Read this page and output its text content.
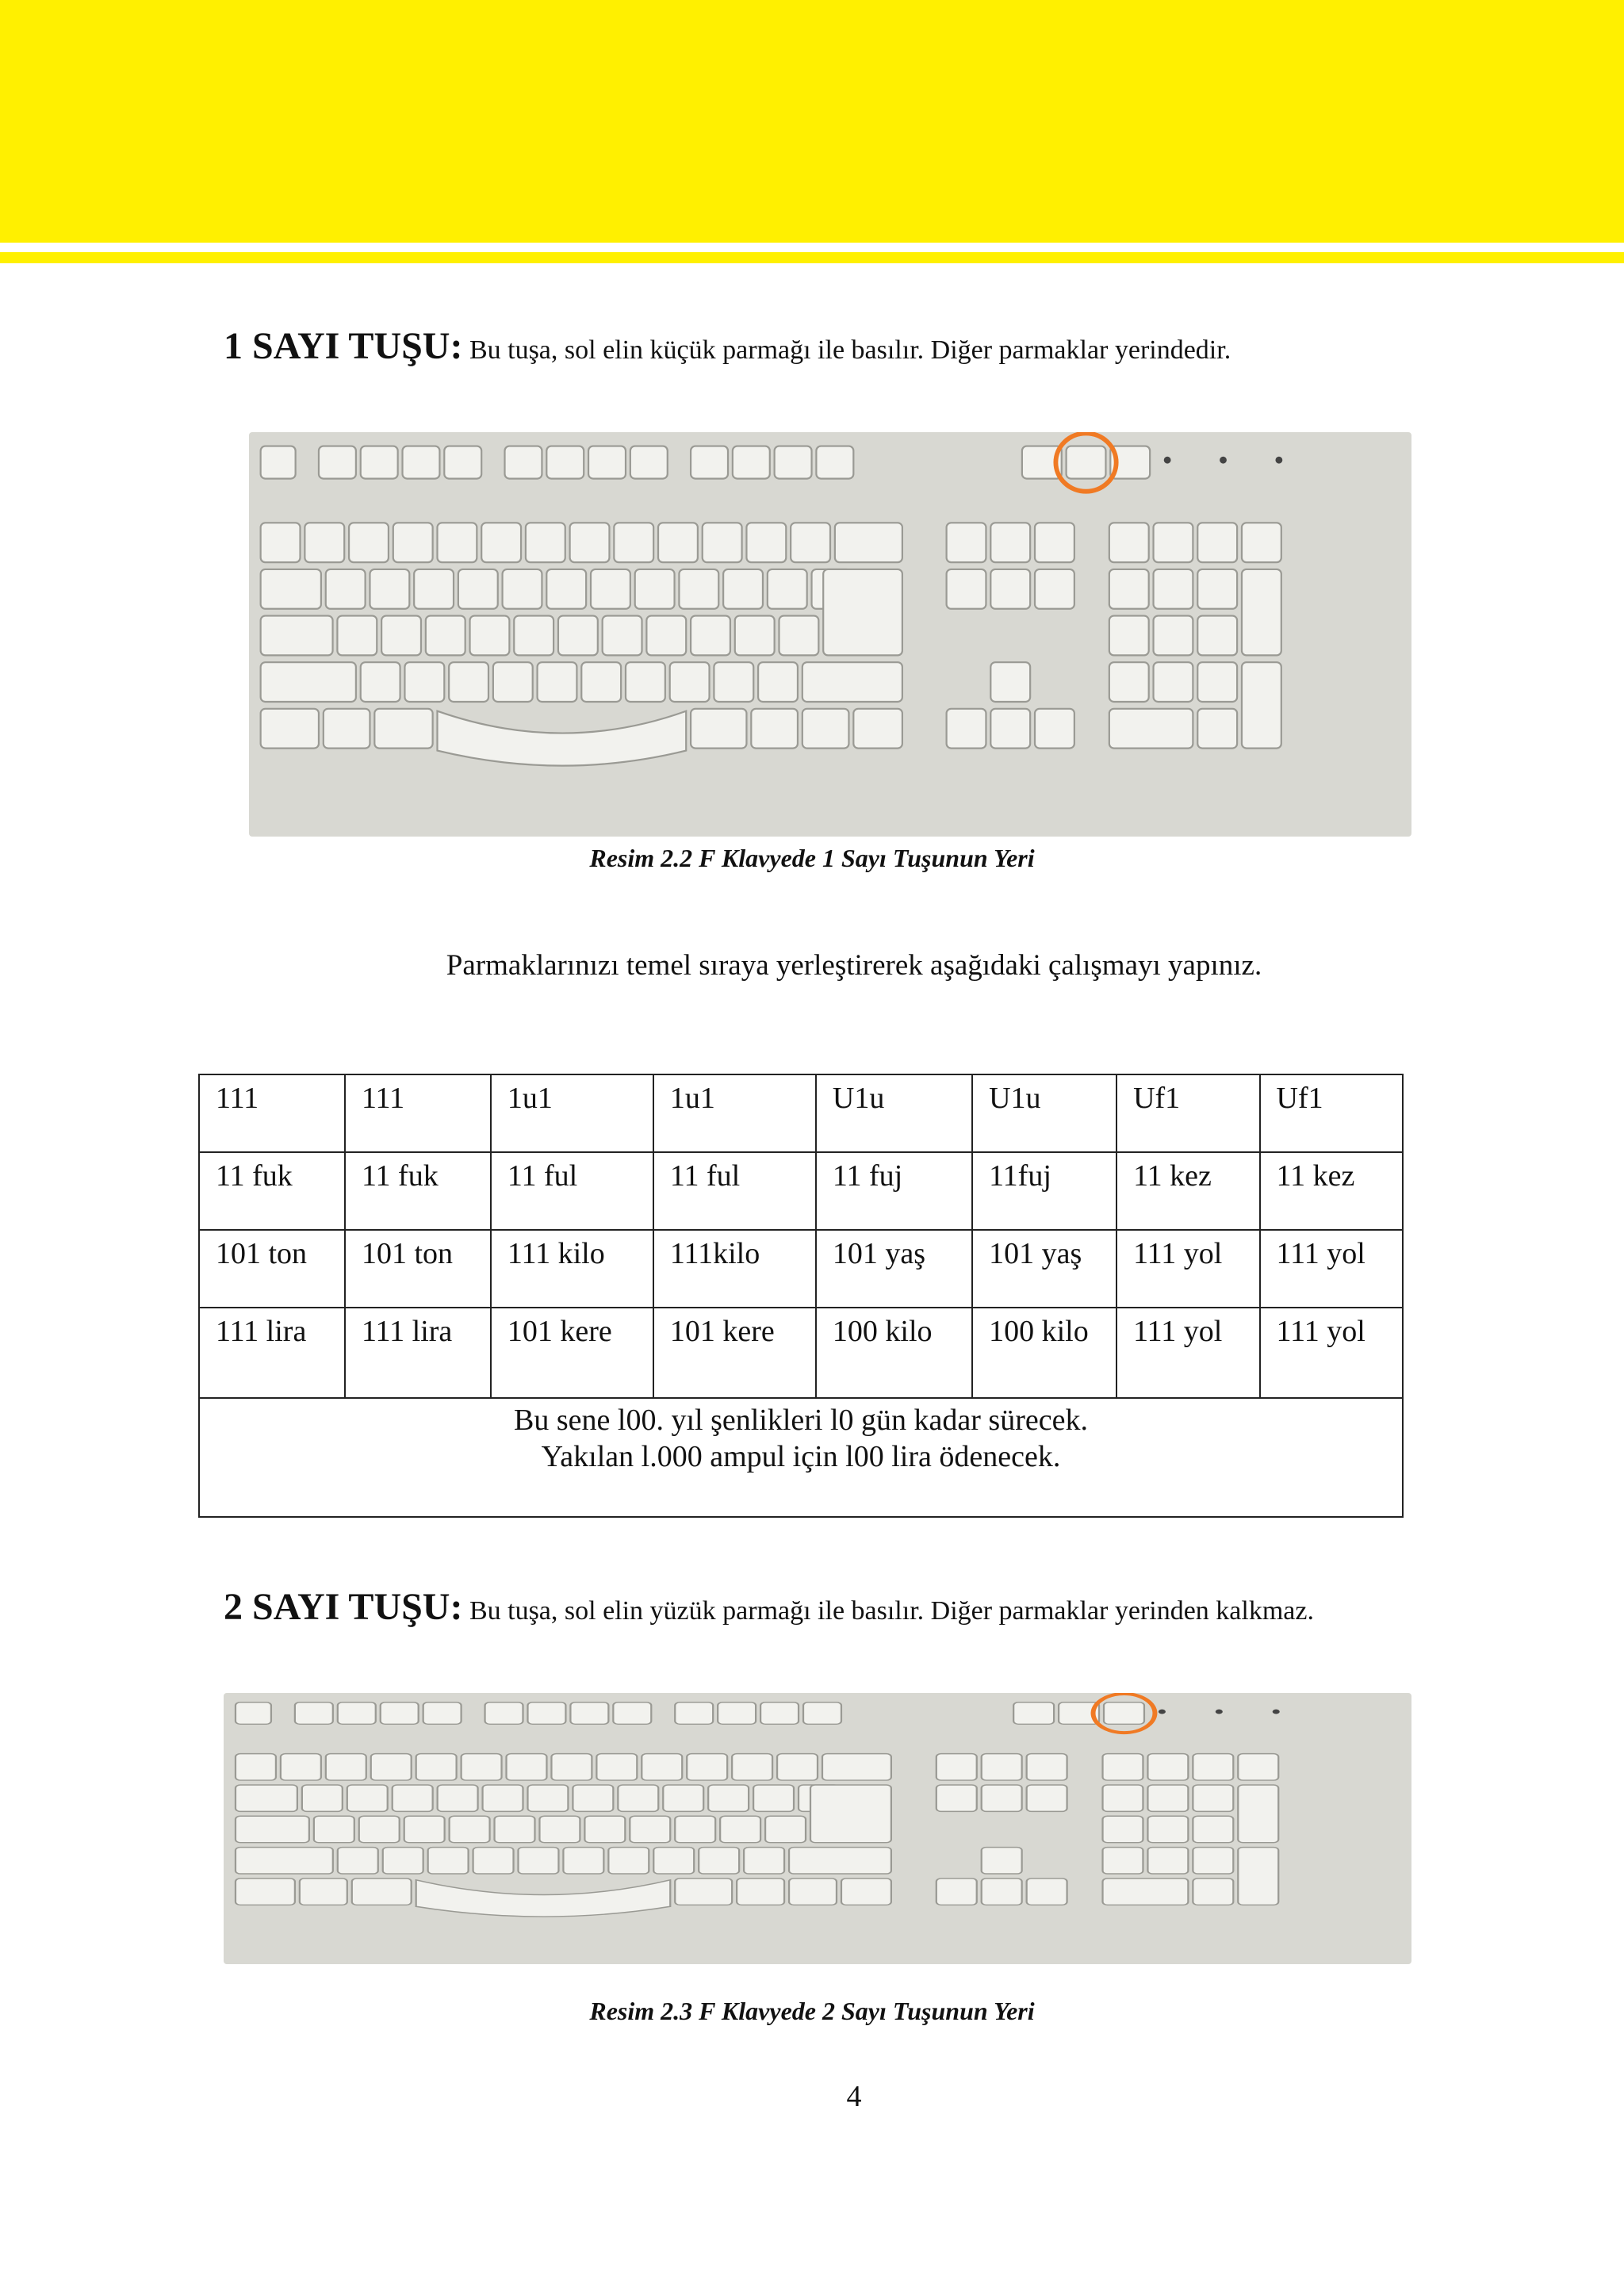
1 SAYI TUŞU: Bu tuşa, sol elin küçük parmağı ile basılır. Diğer parmaklar yerindedir.
Resim 2.2 F Klavyede 1 Sayı Tuşunun Yeri
Parmaklarınızı temel sıraya yerleştirerek aşağıdaki çalışmayı yapınız.
111	111	1u1	1u1	U1u	U1u	Uf1	Uf1
11 fuk	11 fuk	11 ful	11 ful	11 fuj	11fuj	11 kez	11 kez
101 ton	101 ton	111 kilo	111kilo	101 yaş	101 yaş	111 yol	111 yol
111 lira	111 lira	101 kere	101 kere	100 kilo	100 kilo	111 yol	111 yol

Bu sene l00. yıl şenlikleri l0 gün kadar sürecek.
Yakılan l.000 ampul için l00 lira ödenecek.							
2 SAYI TUŞU: Bu tuşa, sol elin yüzük parmağı ile basılır. Diğer parmaklar yerinden kalkmaz.
Resim 2.3 F Klavyede 2 Sayı Tuşunun Yeri
4
